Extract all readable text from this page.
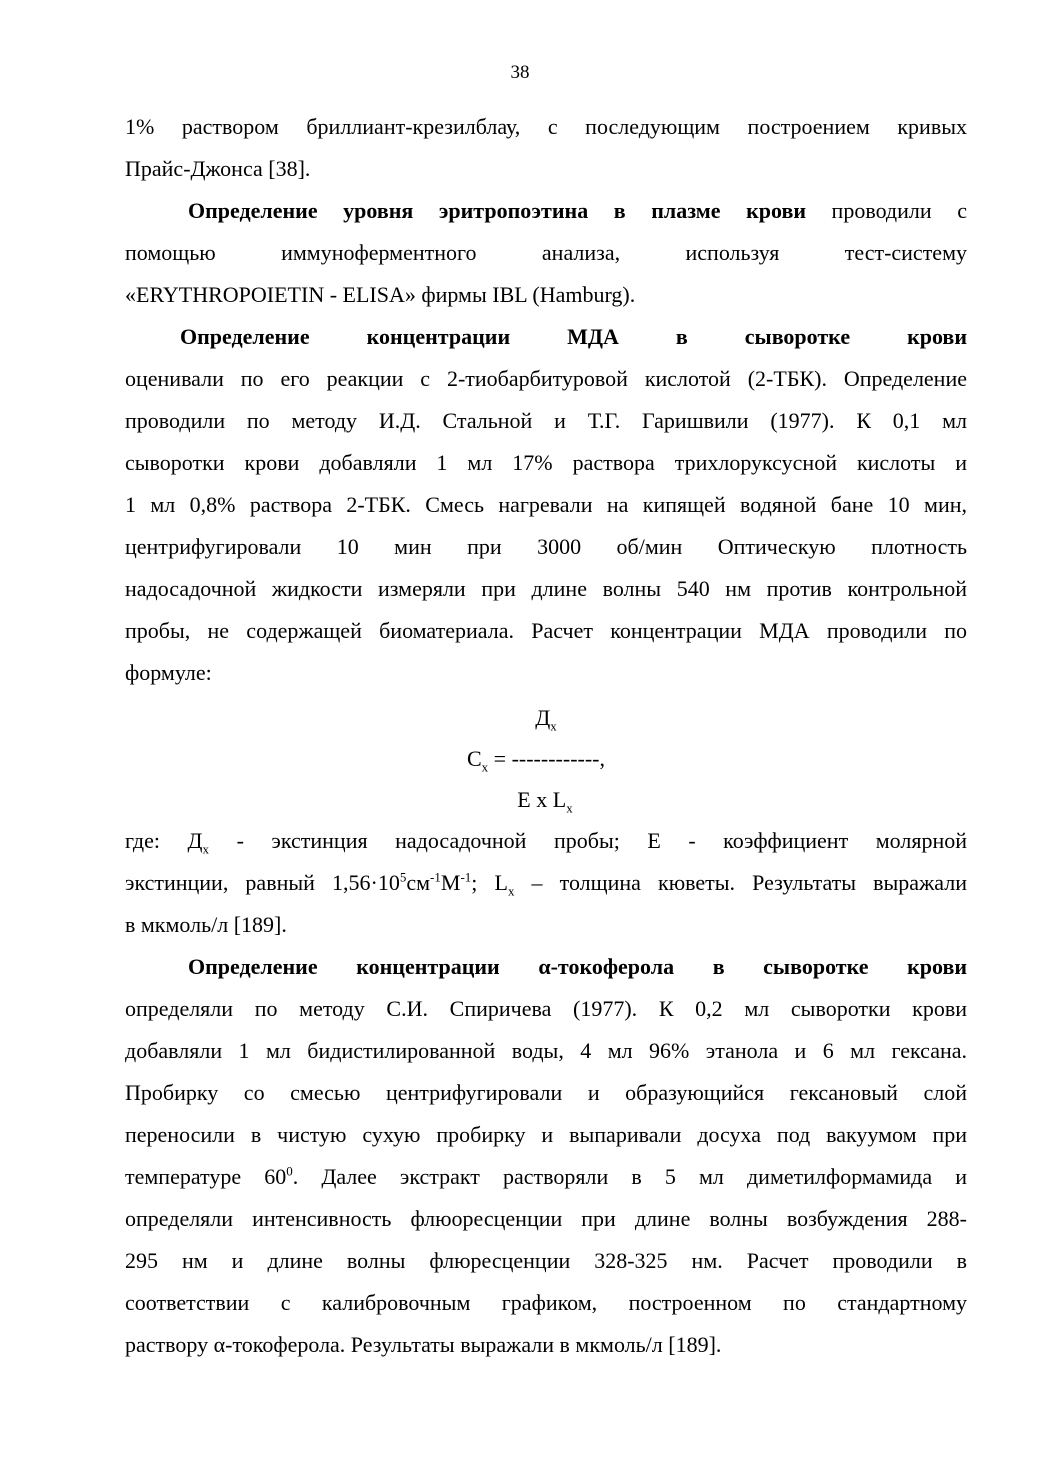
38
1% раствором бриллиант-крезилблау, с последующим построением кривых
Прайс-Джонса [38].
Определение уровня эритропоэтина в плазме крови проводили с
помощью иммуноферментного анализа, используя тест-систему
«ERYTHROPOIETIN - ELISA» фирмы IBL (Hamburg).
Определение концентрации МДА в сыворотке крови
оценивали по его реакции с 2-тиобарбитуровой кислотой (2-ТБК). Определение
проводили по методу И.Д. Стальной и Т.Г. Гаришвили (1977). К 0,1 мл
сыворотки крови добавляли 1 мл 17% раствора трихлоруксусной кислоты и
1 мл 0,8% раствора 2-ТБК. Смесь нагревали на кипящей водяной бане 10 мин,
центрифугировали 10 мин при 3000 об/мин Оптическую плотность
надосадочной жидкости измеряли при длине волны 540 нм против контрольной
пробы, не содержащей биоматериала. Расчет концентрации МДА проводили по
формуле:
$Д_х$
$С_х$ = ------------,
Е х $L_х$
где: $Д_х$ - экстинция надосадочной пробы; Е - коэффициент молярной
экстинции, равный $1,56\cdot 10^5см^{-1}М^{-1}$; $L_х$ – толщина кюветы. Результаты выражали
в мкмоль/л [189].
Определение концентрации α-токоферола в сыворотке крови
определяли по методу С.И. Спиричева (1977). К 0,2 мл сыворотки крови
добавляли 1 мл бидистилированной воды, 4 мл 96% этанола и 6 мл гексана.
Пробирку со смесью центрифугировали и образующийся гексановый слой
переносили в чистую сухую пробирку и выпаривали досуха под вакуумом при
температуре $60^0$. Далее экстракт растворяли в 5 мл диметилформамида и
определяли интенсивность флюоресценции при длине волны возбуждения 288-
295 нм и длине волны флюресценции 328-325 нм. Расчет проводили в
соответствии с калибровочным графиком, построенном по стандартному
раствору α-токоферола. Результаты выражали в мкмоль/л [189].
